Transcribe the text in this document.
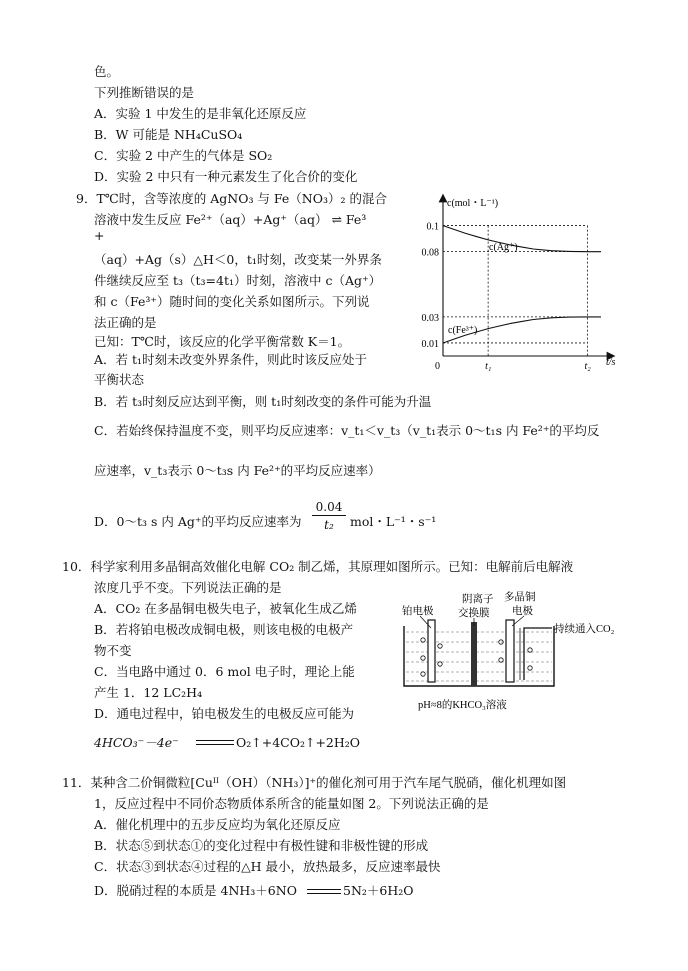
色。
下列推断错误的是
A．实验 1 中发生的是非氧化还原反应
B．W 可能是 NH₄CuSO₄
C．实验 2 中产生的气体是 SO₂
D．实验 2 中只有一种元素发生了化合价的变化
9．T℃时，含等浓度的 AgNO₃ 与 Fe（NO₃）₂ 的混合
溶液中发生反应 Fe²⁺（aq）+Ag⁺（aq） ⇌ Fe³
+
（aq）+Ag（s）△H＜0，t₁时刻，改变某一外界条
件继续反应至 t₃（t₃=4t₁）时刻，溶液中 c（Ag⁺）
和 c（Fe³⁺）随时间的变化关系如图所示。下列说
法正确的是
已知：T℃时，该反应的化学平衡常数 K＝1。
A．若 t₁时刻未改变外界条件，则此时该反应处于
平衡状态
B．若 t₃时刻反应达到平衡，则 t₁时刻改变的条件可能为升温
C．若始终保持温度不变，则平均反应速率：v_t₁＜v_t₃（v_t₁表示 0～t₁s 内 Fe²⁺的平均反
应速率，v_t₃表示 0～t₃s 内 Fe²⁺的平均反应速率）
D．0～t₃ s 内 Ag⁺的平均反应速率为
0.04
t₂	mol・L⁻¹・s⁻¹
c(mol・L⁻¹)
t/s
0.1
0.08
0.03
0.01
0	t₁	t₂
c(Ag⁺)
c(Fe³⁺)
10．科学家利用多晶铜高效催化电解 CO₂ 制乙烯，其原理如图所示。已知：电解前后电解液
浓度几乎不变。下列说法正确的是
A．CO₂ 在多晶铜电极失电子，被氧化生成乙烯
B．若将铂电极改成铜电极，则该电极的电极产
物不变
C．当电路中通过 0．6 mol 电子时，理论上能
产生 1．12 LC₂H₄
D．通电过程中，铂电极发生的电极反应可能为
4HCO₃⁻－4e⁻	O₂↑+4CO₂↑+2H₂O
铂电极
阴离子
交换膜
多晶铜
电极
持续通入CO₂
pH≈8的KHCO₃溶液
11．某种含二价铜微粒[Cuᴵᴵ（OH）（NH₃）]⁺的催化剂可用于汽车尾气脱硝，催化机理如图
1，反应过程中不同价态物质体系所含的能量如图 2。下列说法正确的是
A．催化机理中的五步反应均为氧化还原反应
B．状态⑤到状态①的变化过程中有极性键和非极性键的形成
C．状态③到状态④过程的△H 最小，放热最多，反应速率最快
D．脱硝过程的本质是 4NH₃＋6NO	5N₂＋6H₂O
